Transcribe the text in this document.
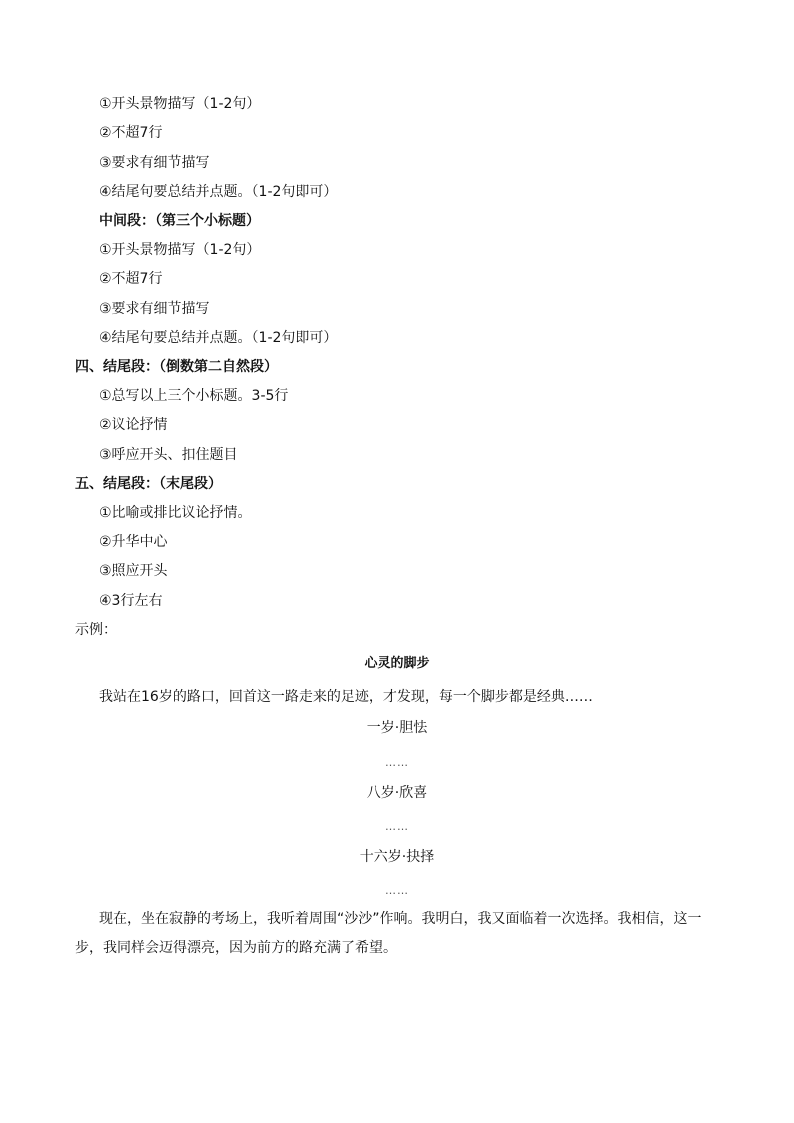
①开头景物描写（1-2句）
②不超7行
③要求有细节描写
④结尾句要总结并点题。（1-2句即可）
中间段：（第三个小标题）
①开头景物描写（1-2句）
②不超7行
③要求有细节描写
④结尾句要总结并点题。（1-2句即可）
四、结尾段：（倒数第二自然段）
①总写以上三个小标题。3-5行
②议论抒情
③呼应开头、扣住题目
五、结尾段：（末尾段）
①比喻或排比议论抒情。
②升华中心
③照应开头
④3行左右
示例：
心灵的脚步
我站在16岁的路口，回首这一路走来的足迹，才发现，每一个脚步都是经典……
一岁·胆怯
……
八岁·欣喜
……
十六岁·抉择
……
现在，坐在寂静的考场上，我听着周围“沙沙”作响。我明白，我又面临着一次选择。我相信，这一步，我同样会迈得漂亮，因为前方的路充满了希望。
